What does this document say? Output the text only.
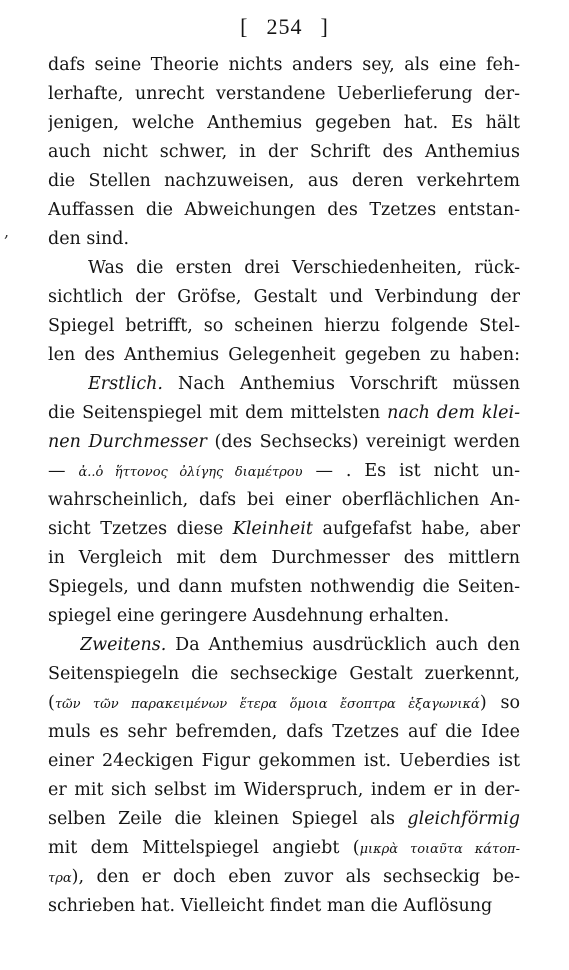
[ 254 ]
,
dafs seine Theorie nichts anders sey, als eine feh-
lerhafte, unrecht verstandene Ueberlieferung der-
jenigen, welche Anthemius gegeben hat. Es hält
auch nicht schwer, in der Schrift des Anthemius
die Stellen nachzuweisen, aus deren verkehrtem
Auffassen die Abweichungen des Tzetzes entstan-
den sind.
Was die ersten drei Verschiedenheiten, rück-
sichtlich der Gröfse, Gestalt und Verbindung der
Spiegel betrifft, so scheinen hierzu folgende Stel-
len des Anthemius Gelegenheit gegeben zu haben:
Erstlich. Nach Anthemius Vorschrift müssen
die Seitenspiegel mit dem mittelsten nach dem klei-
nen Durchmesser (des Sechsecks) vereinigt werden
— ἀ..ὁ ἥττονος ὀλίγης διαμέτρου — . Es ist nicht un-
wahrscheinlich, dafs bei einer oberflächlichen An-
sicht Tzetzes diese Kleinheit aufgefafst habe, aber
in Vergleich mit dem Durchmesser des mittlern
Spiegels, und dann mufsten nothwendig die Seiten-
spiegel eine geringere Ausdehnung erhalten.
Zweitens. Da Anthemius ausdrücklich auch den
Seitenspiegeln die sechseckige Gestalt zuerkennt,
(τῶν τῶν παρακειμένων ἕτερα ὅμοια ἔσοπτρα ἑξαγωνικά) so
muls es sehr befremden, dafs Tzetzes auf die Idee
einer 24eckigen Figur gekommen ist. Ueberdies ist
er mit sich selbst im Widerspruch, indem er in der-
selben Zeile die kleinen Spiegel als gleichförmig
mit dem Mittelspiegel angiebt (μικρὰ τοιαῦτα κάτοπ-
τρα), den er doch eben zuvor als sechseckig be-
schrieben hat. Vielleicht findet man die Auflösung
